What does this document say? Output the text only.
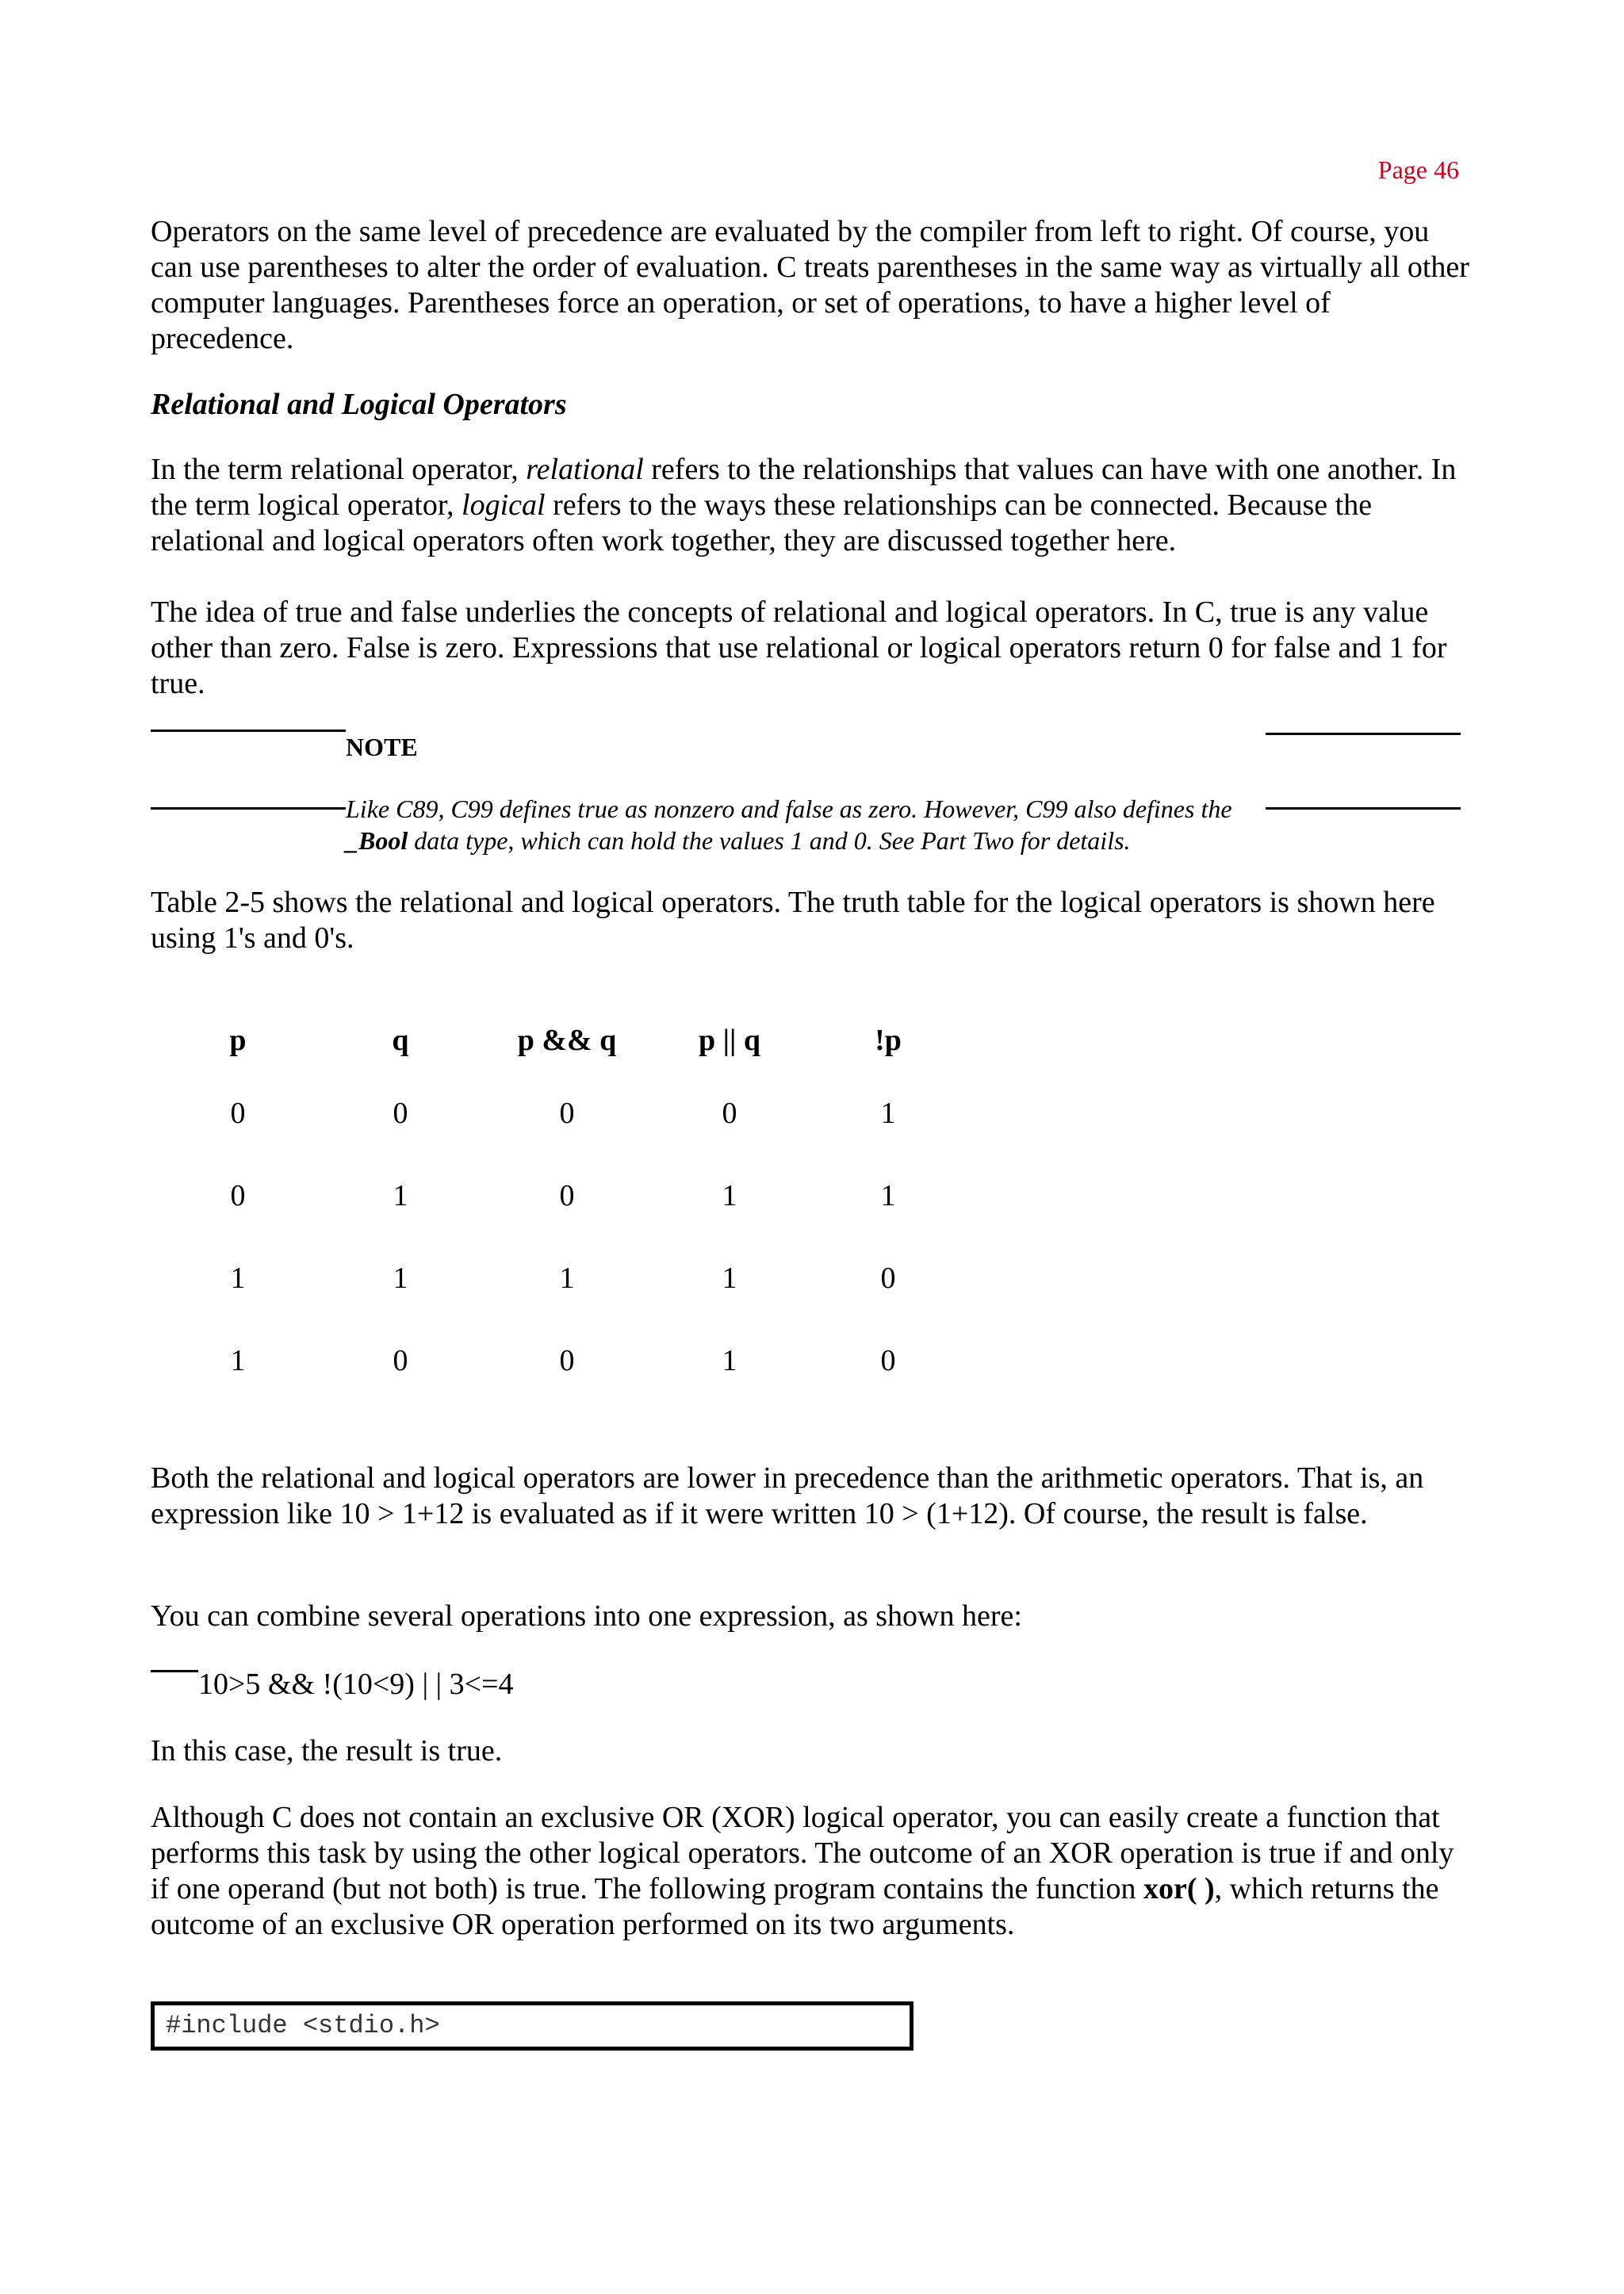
Page 46

Operators on the same level of precedence are evaluated by the compiler from left to right. Of course, you can use parentheses to alter the order of evaluation. C treats parentheses in the same way as virtually all other computer languages. Parentheses force an operation, or set of operations, to have a higher level of precedence.

Relational and Logical Operators

In the term relational operator, relational refers to the relationships that values can have with one another. In the term logical operator, logical refers to the ways these relationships can be connected. Because the relational and logical operators often work together, they are discussed together here.

The idea of true and false underlies the concepts of relational and logical operators. In C, true is any value other than zero. False is zero. Expressions that use relational or logical operators return 0 for false and 1 for true.

NOTE
Like C89, C99 defines true as nonzero and false as zero. However, C99 also defines the _Bool data type, which can hold the values 1 and 0. See Part Two for details.

Table 2-5 shows the relational and logical operators. The truth table for the logical operators is shown here using 1's and 0's.

p	q	p && q	p || q	!p
0	0	0	0	1
0	1	0	1	1
1	1	1	1	0
1	0	0	1	0

Both the relational and logical operators are lower in precedence than the arithmetic operators. That is, an expression like 10 > 1+12 is evaluated as if it were written 10 > (1+12). Of course, the result is false.

You can combine several operations into one expression, as shown here:

10>5 && !(10<9) | | 3<=4

In this case, the result is true.

Although C does not contain an exclusive OR (XOR) logical operator, you can easily create a function that performs this task by using the other logical operators. The outcome of an XOR operation is true if and only if one operand (but not both) is true. The following program contains the function xor( ), which returns the outcome of an exclusive OR operation performed on its two arguments.

#include <stdio.h>
